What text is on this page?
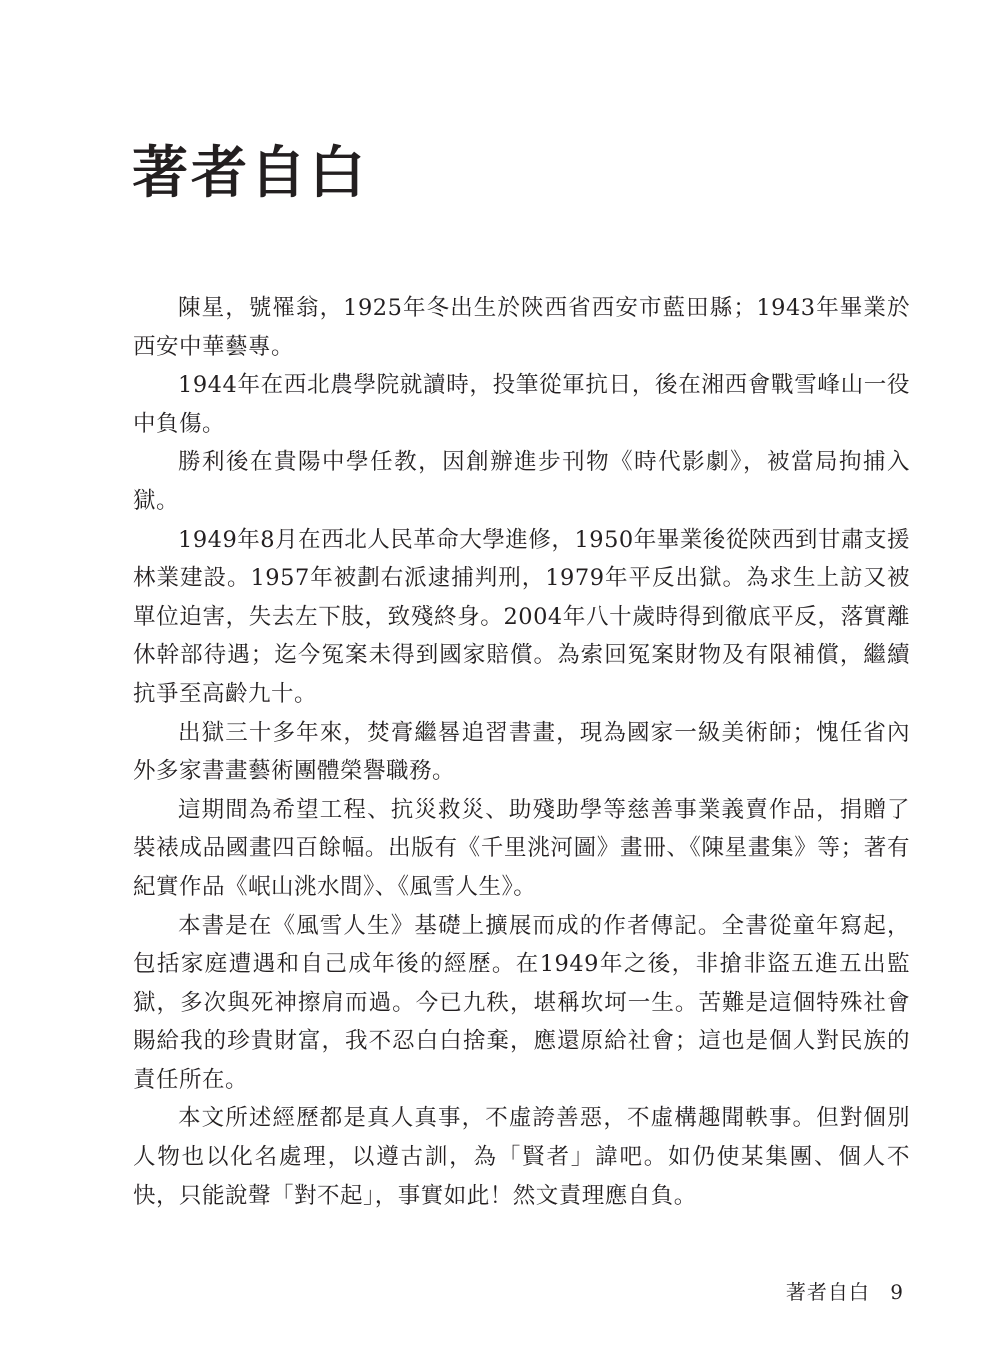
著者自白

陳星，號罹翁，1925年冬出生於陝西省西安市藍田縣；1943年畢業於西安中華藝專。

1944年在西北農學院就讀時，投筆從軍抗日，後在湘西會戰雪峰山一役中負傷。

勝利後在貴陽中學任教，因創辦進步刊物《時代影劇》，被當局拘捕入獄。

1949年8月在西北人民革命大學進修，1950年畢業後從陝西到甘肅支援林業建設。1957年被劃右派逮捕判刑，1979年平反出獄。為求生上訪又被單位迫害，失去左下肢，致殘終身。2004年八十歲時得到徹底平反，落實離休幹部待遇；迄今冤案未得到國家賠償。為索回冤案財物及有限補償，繼續抗爭至高齡九十。

出獄三十多年來，焚膏繼晷追習書畫，現為國家一級美術師；愧任省內外多家書畫藝術團體榮譽職務。

這期間為希望工程、抗災救災、助殘助學等慈善事業義賣作品，捐贈了裝裱成品國畫四百餘幅。出版有《千里洮河圖》畫冊、《陳星畫集》等；著有紀實作品《岷山洮水間》、《風雪人生》。

本書是在《風雪人生》基礎上擴展而成的作者傳記。全書從童年寫起，包括家庭遭遇和自己成年後的經歷。在1949年之後，非搶非盜五進五出監獄，多次與死神擦肩而過。今已九秩，堪稱坎坷一生。苦難是這個特殊社會賜給我的珍貴財富，我不忍白白捨棄，應還原給社會；這也是個人對民族的責任所在。

本文所述經歷都是真人真事，不虛誇善惡，不虛構趣聞軼事。但對個別人物也以化名處理，以遵古訓，為「賢者」諱吧。如仍使某集團、個人不快，只能說聲「對不起」，事實如此！然文責理應自負。

著者自白 9
